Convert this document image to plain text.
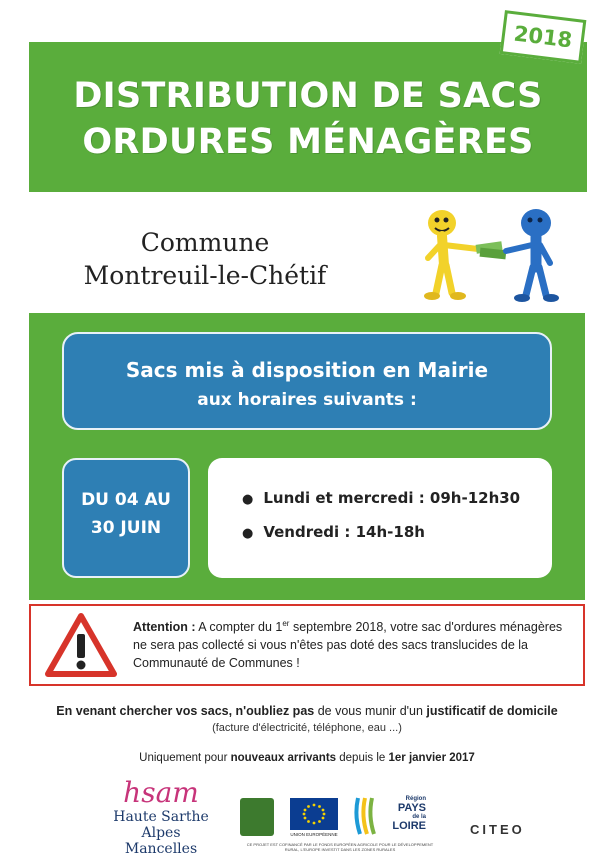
DISTRIBUTION DE SACS
ORDURES MÉNAGÈRES
2018
Commune
Montreuil-le-Chétif
Sacs mis à disposition en Mairie
aux horaires suivants :
DU 04 AU
30 JUIN
● Lundi et mercredi : 09h-12h30
● Vendredi : 14h-18h
Attention : A compter du 1er septembre 2018, votre sac d'ordures ménagères ne sera pas collecté si vous n'êtes pas doté des sacs translucides de la Communauté de Communes !
En venant chercher vos sacs, n'oubliez pas de vous munir d'un justificatif de domicile
(facture d'électricité, téléphone, eau ...)
Uniquement pour nouveaux arrivants depuis le 1er janvier 2017
hsam
Haute Sarthe
Alpes Mancelles
UNION EUROPÉENNE
CE PROJET EST COFINANCÉ PAR LE FONDS EUROPÉEN AGRICOLE POUR LE DÉVELOPPEMENT RURAL, L'EUROPE INVESTIT DANS LES ZONES RURALES
Région
PAYS
de la
LOIRE	CITEO
